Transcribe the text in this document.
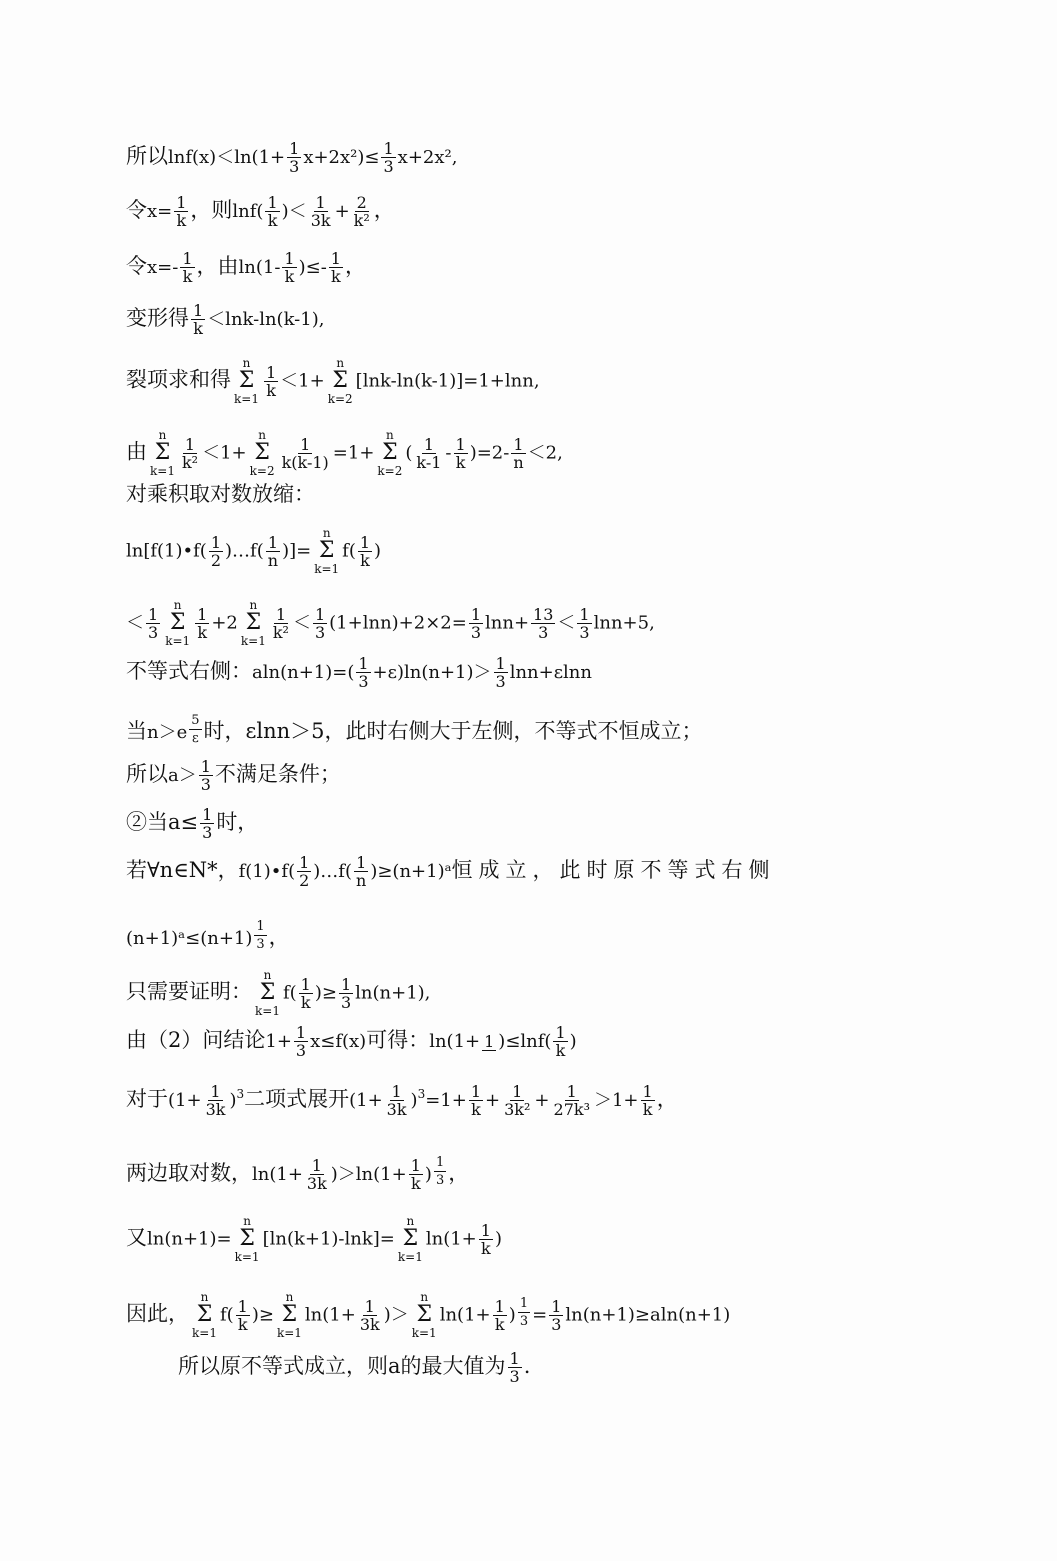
所以$\ln f(x)<\ln(1+ \frac{1}{3} x+2x^2)\le \frac{1}{3} x+2x^2$,
令$x= \frac{1}{k}$ ，则$\ln f( \frac{1}{k}$ )＜ $\frac{1}{3k} + \frac{2}{\text{k²}}$ ，
令$x=- \frac{1}{k}$ ，由$\ln(1- \frac{1}{k}$ )≤- $\frac{1}{k}$ ，
变形得 $\frac{1}{k} <\ln k-\ln(k-1)$,
裂项求和得
n
Σ
k=1
$\frac{1}{k} <1+$
n
Σ
k=2
[lnk-ln(k-1)]=1+lnn,
由
n
Σ
k=1
$\frac{1}{\text{k²}} <1+$
n
Σ
k=2
$\frac{1}{k(k-1)} =1+$
n
Σ
k=2
( $\frac{1}{k-1} - \frac{1}{k} )=2- \frac{1}{n} <2$,
对乘积取对数放缩：
ln[f(1)•f( $\frac{1}{2}$ )…f( $\frac{1}{n}$ )]=
n
Σ
k=1
$f( \frac{1}{k}$ )
＜ $\frac{1}{3}$
n
Σ
k=1
$\frac{1}{k} +2$
n
Σ
k=1
$\frac{1}{\text{k²}} < \frac{1}{3} (1+\ln n)+2\times 2= \frac{1}{3} \ln n+ \frac{13}{3} < \frac{1}{3} \ln n+5$,
不等式右侧：$aln(n+1)=( \frac{1}{3} +\varepsilon)\ln(n+1)> \frac{1}{3} \ln n+\varepsilon\ln n$
当n＞e $^{\frac{5}{\varepsilon}}$ 时，εlnn＞5，此时右侧大于左侧，不等式不恒成立；
所以$a> \frac{1}{3}$ 不满足条件；
②当$a\le \frac{1}{3}$ 时，
若∀n∈N*，f(1)•f( $\frac{1}{2}$ )…f( $\frac{1}{n}$ )≥(n+1)ᵃ恒成立，此时原不等式右侧
(n+1)ᵃ≤(n+1) $^{\frac{1}{3}}$ ，
只需要证明：
n
Σ
k=1
$f( \frac{1}{k}$ )≥ $\frac{1}{3} \ln(n+1)$,
由（2）问结论$1+ \frac{1}{3} x\le f(x)$可得：ln(1+ 1 )$\le\ln f( \frac{1}{k}$ )
对于$(1+ \frac{1}{3k} )^3$二项式展开$(1+ \frac{1}{3k} )^3=1+ \frac{1}{k} + \frac{1}{\text{3k²}} + \frac{1}{\text{27k³}} >1+ \frac{1}{k}$ ，
两边取对数，$\ln(1+ \frac{1}{3k} )>\ln(1+ \frac{1}{k}$ ) $^{\frac{1}{3}}$ ，
又ln(n+1)=
n
Σ
k=1
[ln(k+1)-lnk]=
n
Σ
k=1
$\ln(1+ \frac{1}{k}$ )
因此，
n
Σ
k=1
$f( \frac{1}{k}$ )≥
n
Σ
k=1
$\ln(1+ \frac{1}{3k}$ )＞
n
Σ
k=1
$\ln(1+ \frac{1}{k}$ ) $^{\frac{1}{3}} = \frac{1}{3} \ln(n+1)\ge aln(n+1)$
所以原不等式成立，则a的最大值为 $\frac{1}{3}$ .
